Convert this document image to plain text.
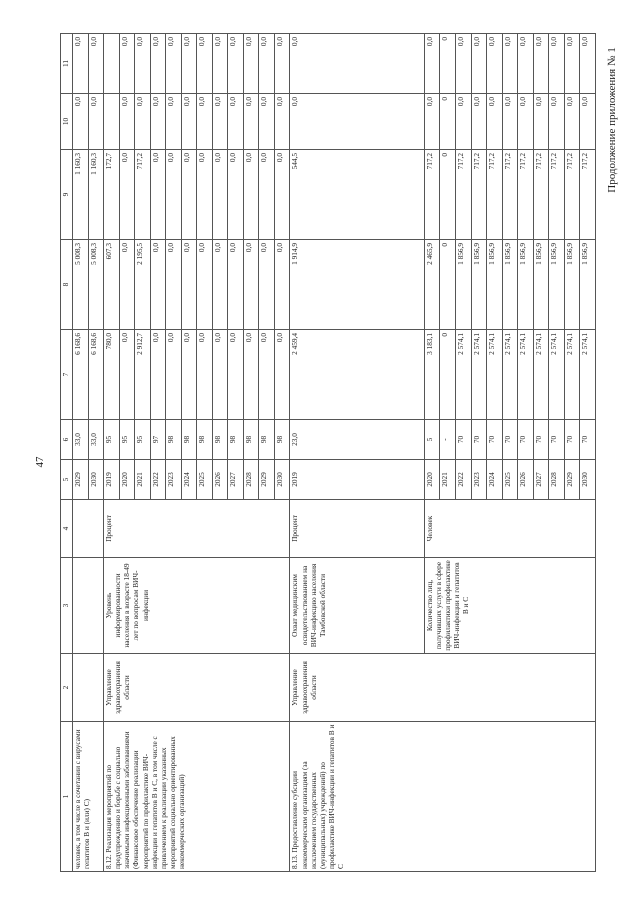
47
Продолжение приложения № 1
1	2	3	4	5	6	7	8	9	10	11
человек, в том числе в сочетании с вирусами гепатитов В и (или) С)				2029	33,0	6 168,6	5 008,3	1 160,3	0,0	0,0
				2030	33,0	6 168,6	5 008,3	1 160,3	0,0	0,0
8.12. Реализация мероприятий по предупреждению и борьбе с социально значимыми инфекционными заболеваниями (Финансовое обеспечение реализации мероприятий по профилактике ВИЧ-инфекции и гепатитов В и С, в том числе с привлечением к реализации указанных мероприятий социально ориентированных некоммерческих организаций)	Управление здравоохранения области	Уровень информированности населения в возрасте 18-49 лет по вопросам ВИЧ-инфекции	Процент	2019	95	780,0	607,3	172,7		
				2020	95	0,0	0,0	0,0	0,0	0,0
				2021	95	2 912,7	2 195,5	717,2	0,0	0,0
				2022	97	0,0	0,0	0,0	0,0	0,0
				2023	98	0,0	0,0	0,0	0,0	0,0
				2024	98	0,0	0,0	0,0	0,0	0,0
				2025	98	0,0	0,0	0,0	0,0	0,0
				2026	98	0,0	0,0	0,0	0,0	0,0
				2027	98	0,0	0,0	0,0	0,0	0,0
				2028	98	0,0	0,0	0,0	0,0	0,0
				2029	98	0,0	0,0	0,0	0,0	0,0
				2030	98	0,0	0,0	0,0	0,0	0,0
8.13. Предоставление субсидии некоммерческим организациям (за исключением государственных (муниципальных) учреждений) по профилактике ВИЧ-инфекции и гепатитов В и С	Управление здравоохранения области	Охват медицинским освидетельствованием на ВИЧ-инфекцию населения Тамбовской области	Процент	2019	23,0	2 459,4	1 914,9	544,5	0,0	0,0
		Количество лиц, получивших услуги в сфере профилактики профилактике ВИЧ-инфекции и гепатитов В и С	Человек	2020	5	3 183,1	2 465,9	717,2	0,0	0,0
				2021	-	0	0	0	0	0
				2022	70	2 574,1	1 856,9	717,2	0,0	0,0
				2023	70	2 574,1	1 856,9	717,2	0,0	0,0
				2024	70	2 574,1	1 856,9	717,2	0,0	0,0
				2025	70	2 574,1	1 856,9	717,2	0,0	0,0
				2026	70	2 574,1	1 856,9	717,2	0,0	0,0
				2027	70	2 574,1	1 856,9	717,2	0,0	0,0
				2028	70	2 574,1	1 856,9	717,2	0,0	0,0
				2029	70	2 574,1	1 856,9	717,2	0,0	0,0
				2030	70	2 574,1	1 856,9	717,2	0,0	0,0
